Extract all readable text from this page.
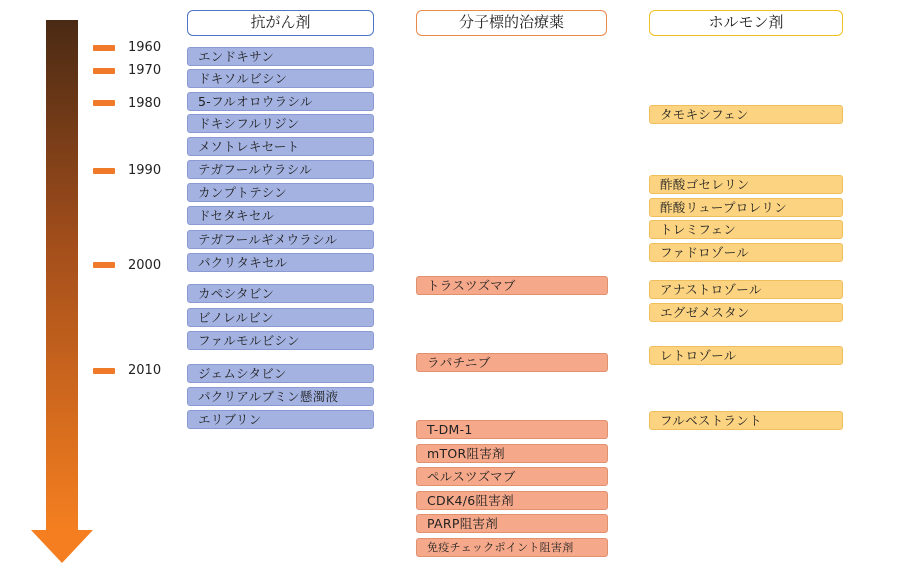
1960
1970
1980
1990
2000
2010
抗がん剤	分子標的治療薬	ホルモン剤
エンドキサン
ドキソルビシン
5-フルオロウラシル
ドキシフルリジン
メソトレキセート
テガフールウラシル
カンプトテシン
ドセタキセル
テガフールギメウラシル
パクリタキセル
カペシタビン
ビノレルビン
ファルモルビシン
ジェムシタビン
パクリアルブミン懸濁液
エリブリン
トラスツズマブ
ラパチニブ
T-DM-1
mTOR阻害剤
ペルスツズマブ
CDK4/6阻害剤
PARP阻害剤
免疫チェックポイント阻害剤
タモキシフェン
酢酸ゴセレリン
酢酸リュープロレリン
トレミフェン
ファドロゾール
アナストロゾール
エグゼメスタン
レトロゾール
フルベストラント
